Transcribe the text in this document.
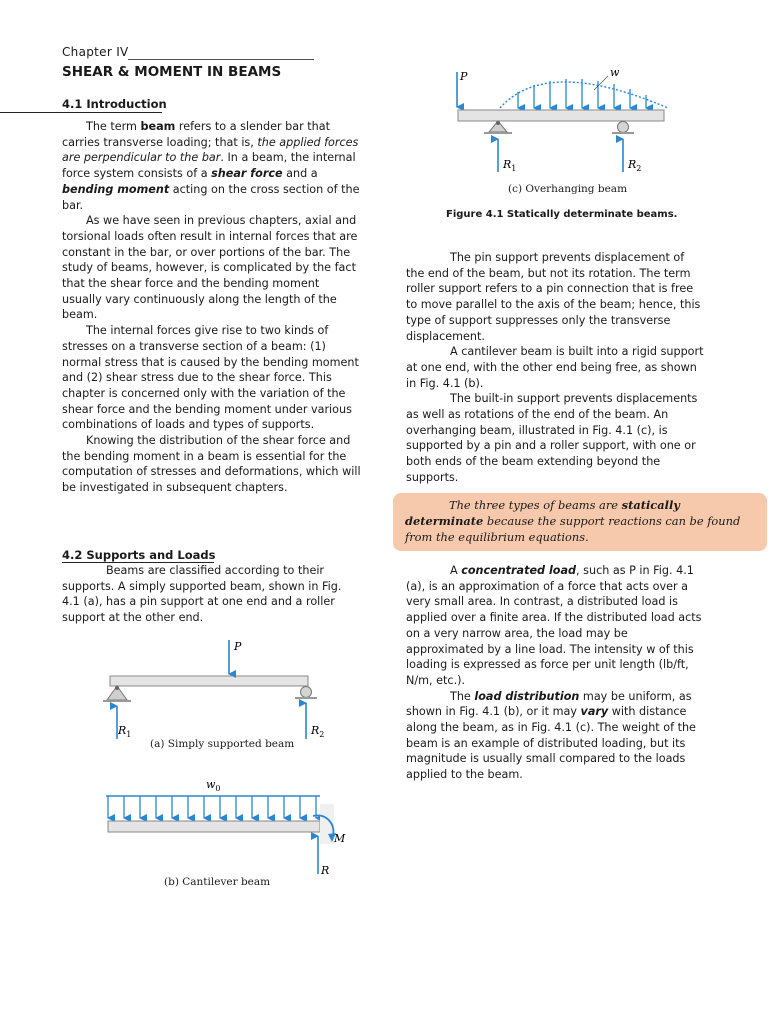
Chapter IV
SHEAR & MOMENT IN BEAMS
4.1 Introduction

The term beam refers to a slender bar that carries transverse loading; that is, the applied forces are perpendicular to the bar. In a beam, the internal force system consists of a shear force and a bending moment acting on the cross section of the bar.

As we have seen in previous chapters, axial and torsional loads often result in internal forces that are constant in the bar, or over portions of the bar. The study of beams, however, is complicated by the fact that the shear force and the bending moment usually vary continuously along the length of the beam.

The internal forces give rise to two kinds of stresses on a transverse section of a beam: (1) normal stress that is caused by the bending moment and (2) shear stress due to the shear force. This chapter is concerned only with the variation of the shear force and the bending moment under various combinations of loads and types of supports.

Knowing the distribution of the shear force and the bending moment in a beam is essential for the computation of stresses and deformations, which will be investigated in subsequent chapters.

4.2 Supports and Loads

Beams are classified according to their supports. A simply supported beam, shown in Fig. 4.1 (a), has a pin support at one end and a roller support at the other end.

P
$R_1$	$R_2$
(a) Simply supported beam
$w_0$
M
R
(b) Cantilever beam
P	w
$R_1$	$R_2$
(c) Overhanging beam
Figure 4.1 Statically determinate beams.

The pin support prevents displacement of the end of the beam, but not its rotation. The term roller support refers to a pin connection that is free to move parallel to the axis of the beam; hence, this type of support suppresses only the transverse displacement.

A cantilever beam is built into a rigid support at one end, with the other end being free, as shown in Fig. 4.1 (b).

The built-in support prevents displacements as well as rotations of the end of the beam. An overhanging beam, illustrated in Fig. 4.1 (c), is supported by a pin and a roller support, with one or both ends of the beam extending beyond the supports.

The three types of beams are statically determinate because the support reactions can be found from the equilibrium equations.

A concentrated load, such as P in Fig. 4.1 (a), is an approximation of a force that acts over a very small area. In contrast, a distributed load is applied over a finite area. If the distributed load acts on a very narrow area, the load may be approximated by a line load. The intensity w of this loading is expressed as force per unit length (lb/ft, N/m, etc.).

The load distribution may be uniform, as shown in Fig. 4.1 (b), or it may vary with distance along the beam, as in Fig. 4.1 (c). The weight of the beam is an example of distributed loading, but its magnitude is usually small compared to the loads applied to the beam.
